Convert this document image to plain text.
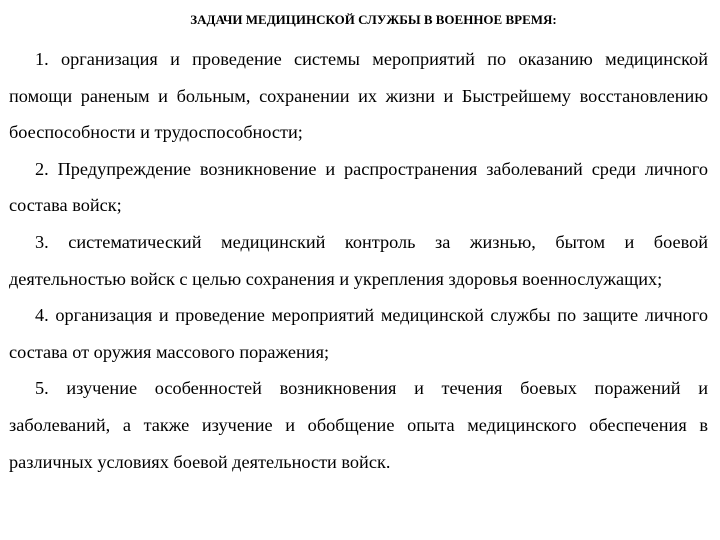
ЗАДАЧИ МЕДИЦИНСКОЙ СЛУЖБЫ В ВОЕННОЕ ВРЕМЯ:

1. организация и проведение системы мероприятий по оказанию медицинской помощи раненым и больным, сохранении их жизни и Быстрейшему восстановлению боеспособности и трудоспособности;

2. Предупреждение возникновение и распространения заболеваний среди личного состава войск;

3. систематический медицинский контроль за жизнью, бытом и боевой деятельностью войск с целью сохранения и укрепления здоровья военнослужащих;

4. организация и проведение мероприятий медицинской службы по защите личного состава от оружия массового поражения;

5. изучение особенностей возникновения и течения боевых поражений и заболеваний, а также изучение и обобщение опыта медицинского обеспечения в различных условиях боевой деятельности войск.
